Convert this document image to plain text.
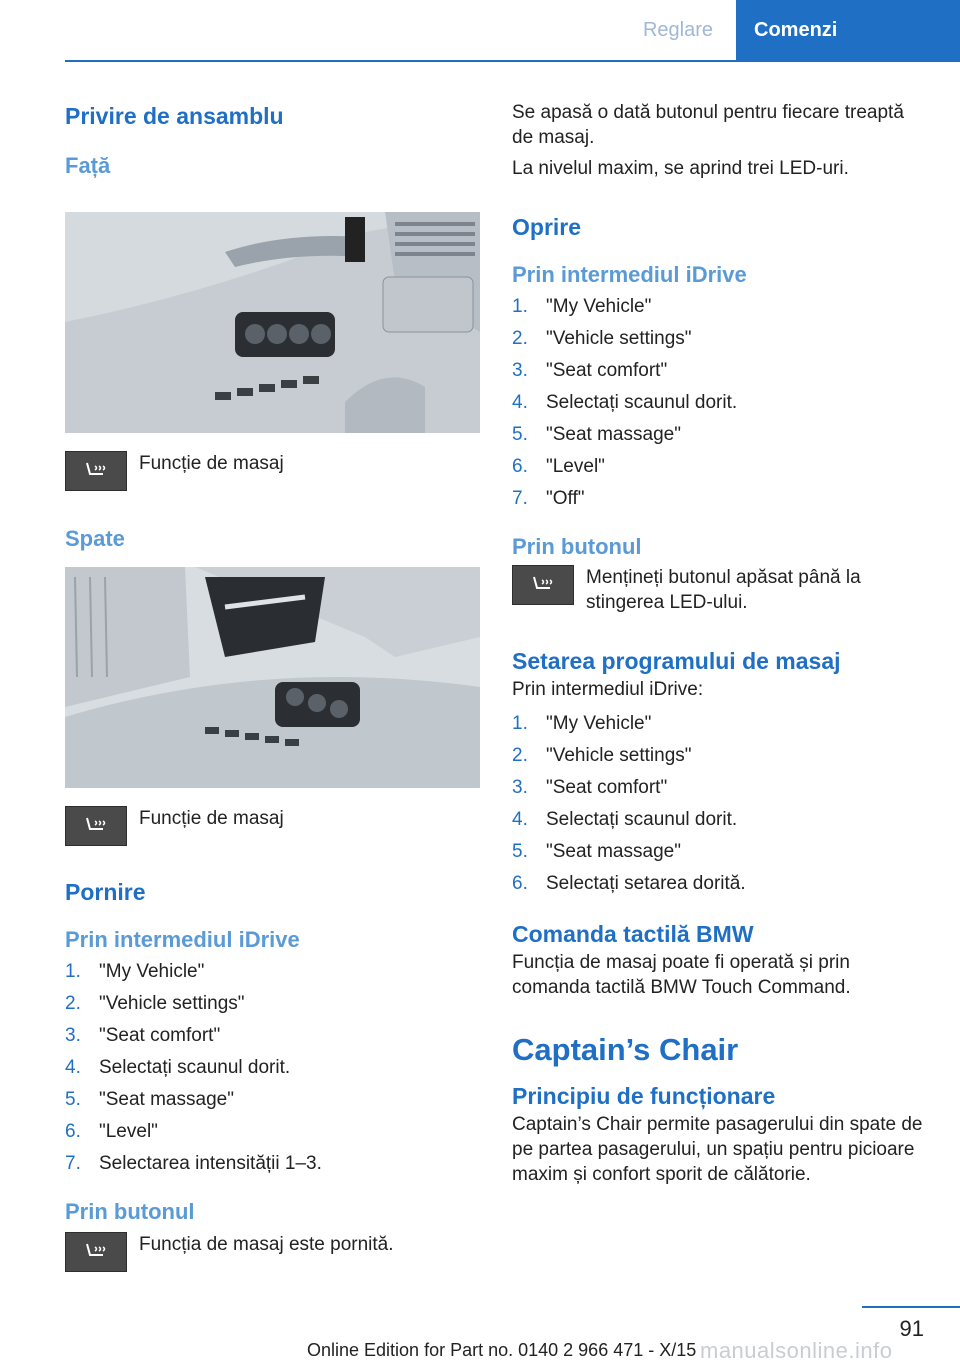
Reglare	Comenzi
Privire de ansamblu
Față
Funcție de masaj
Spate
Funcție de masaj
Pornire
Prin intermediul iDrive
1. "My Vehicle"
2. "Vehicle settings"
3. "Seat comfort"
4. Selectați scaunul dorit.
5. "Seat massage"
6. "Level"
7. Selectarea intensității 1–3.
Prin butonul
Funcția de masaj este pornită.

Se apasă o dată butonul pentru fiecare treaptă de masaj.

La nivelul maxim, se aprind trei LED-uri.

Oprire
Prin intermediul iDrive
1. "My Vehicle"
2. "Vehicle settings"
3. "Seat comfort"
4. Selectați scaunul dorit.
5. "Seat massage"
6. "Level"
7. "Off"
Prin butonul
Mențineți butonul apăsat până la stingerea LED-ului.
Setarea programului de masaj

Prin intermediul iDrive:

1. "My Vehicle"
2. "Vehicle settings"
3. "Seat comfort"
4. Selectați scaunul dorit.
5. "Seat massage"
6. Selectați setarea dorită.
Comanda tactilă BMW

Funcția de masaj poate fi operată și prin comanda tactilă BMW Touch Command.

Captain’s Chair
Principiu de funcționare

Captain’s Chair permite pasagerului din spate de pe partea pasagerului, un spațiu pentru picioare maxim și confort sporit de călătorie.

91
manualsonline.info
Online Edition for Part no. 0140 2 966 471 - X/15
